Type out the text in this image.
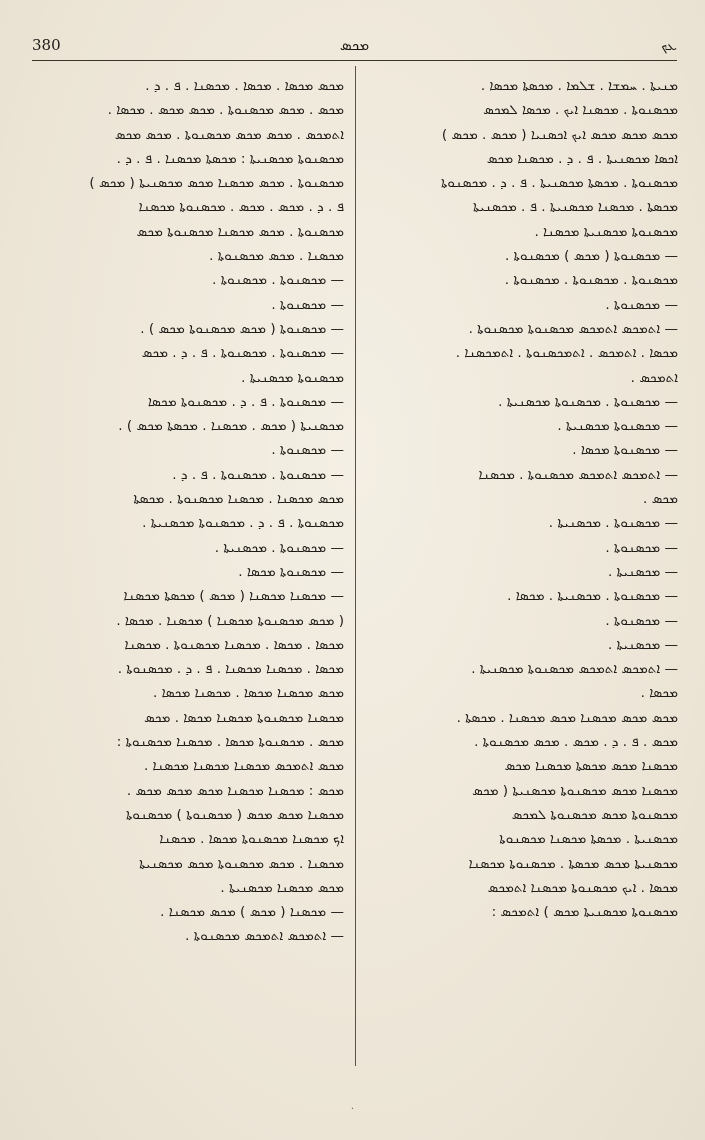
380	ܡܟܣ	ܥܟ
ܡܢܝܬܐ . ܚܡܫܐ . ܫܠܡܐ . ܡܟܣܬܐ ܡܟܣܐ .
ܡܟܣܢܘܬܐ . ܡܟܣܢܐ ܐܝܟ . ܡܟܣܐ ܠܡܟܣ
ܡܟܣ ܡܟܣ ܡܟܣ ܐܝܟ ܐܟܣܢܝܐ ( ܡܟܣ . ܡܟܣ )
ܐܟܣܐ ܡܟܣܢܝܬܐ . ܦ . ܕ . ܡܟܣܢܐ ܡܟܣ
ܡܟܣܢܘܬܐ . ܡܟܣܬܐ ܡܟܣܢܝܬܐ . ܦ . ܕ . ܡܟܣܢܘܬܐ
ܡܟܣܬܐ . ܡܟܣܢܐ ܡܟܣܢܝܬܐ . ܦ . ܡܟܣܢܝܬܐ
ܡܟܣܢܘܬܐ ܡܟܣܢܝܬܐ ܡܟܣܢܐ .
— ܡܟܣܢܘܬܐ ( ܡܟܣ ) ܡܟܣܢܘܬܐ .
ܡܟܣܢܘܬܐ . ܡܟܣܢܘܬܐ . ܡܟܣܢܘܬܐ .
— ܡܟܣܢܘܬܐ .
— ܐܬܡܟܣ ܐܬܡܟܣ ܡܟܣܢܘܬܐ ܡܟܣܢܘܬܐ .
ܡܟܣܐ . ܐܬܡܟܣ . ܐܬܡܟܣܢܘܬܐ . ܐܬܡܟܣܢܐ .
ܐܬܡܟܣ .
— ܡܟܣܢܘܬܐ . ܡܟܣܢܘܬܐ ܡܟܣܢܝܬܐ .
— ܡܟܣܢܘܬܐ ܡܟܣܢܝܬܐ .
— ܡܟܣܢܘܬܐ ܡܟܣܐ .
— ܐܬܡܟܣ ܐܬܡܟܣ ܡܟܣܢܘܬܐ . ܡܟܣܢܐ
ܡܟܣ .
— ܡܟܣܢܘܬܐ . ܡܟܣܢܝܬܐ .
— ܡܟܣܢܘܬܐ .
— ܡܟܣܢܝܬܐ .
— ܡܟܣܢܘܬܐ . ܡܟܣܢܝܬܐ . ܡܟܣܐ .
— ܡܟܣܢܘܬܐ .
— ܡܟܣܢܝܬܐ .
— ܐܬܡܟܣ ܐܬܡܟܣ ܡܟܣܢܘܬܐ ܡܟܣܢܝܬܐ .
ܡܟܣܐ .
ܡܟܣ ܡܟܣ ܡܟܣܢܐ ܡܟܣ ܡܟܣܢܐ . ܡܟܣܬܐ .
ܡܟܣ . ܦ . ܕ . ܡܟܣ . ܡܟܣ ܡܟܣܢܘܬܐ .
ܡܟܣܢܐ ܡܟܣ ܡܟܣܬܐ ܡܟܣܢܐ ܡܟܣ
ܡܟܣܢܐ ܡܟܣ ܡܟܣܢܘܬܐ ܡܟܣܢܝܬܐ ( ܡܟܣ
ܡܟܣܢܘܬܐ ܡܟܣ ܡܟܣܢܘܬܐ ܠܡܟܣ
ܡܟܣܢܝܬܐ . ܡܟܣܬܐ ܡܟܣܢܐ ܡܟܣܢܘܬܐ
ܡܟܣܢܝܬܐ ܡܟܣ ܡܟܣܬܐ . ܡܟܣܢܘܬܐ ܡܟܣܢܐ
ܡܟܣܐ . ܐܝܟ ܡܟܣܢܘܬܐ ܡܟܣܢܐ ܐܬܡܟܣ
ܡܟܣܢܘܬܐ ܡܟܣܢܝܬܐ ܡܟܣ ) ܐܬܡܟܣ :
ܡܟܣ ܡܟܣܐ . ܡܟܣܐ . ܡܟܣܢܐ . ܦ . ܕ .
ܡܟܣ . ܡܟܣ ܡܟܣܢܘܬܐ . ܡܟܣ ܡܟܣ . ܡܟܣܐ .
ܐܬܡܟܣ . ܡܟܣ ܡܟܣ ܡܟܣܢܘܬܐ . ܡܟܣ ܡܟܣ
ܡܟܣܢܘܬܐ ܡܟܣܢܝܬܐ : ܡܟܣܬܐ ܡܟܣܢܐ . ܦ . ܕ .
ܡܟܣܢܘܬܐ . ܡܟܣ ܡܟܣܢܐ ܡܟܣ ܡܟܣܢܝܬܐ ( ܡܟܣ )
ܦ . ܕ . ܡܟܣ . ܡܟܣ . ܡܟܣܢܘܬܐ ܡܟܣܢܐ
ܡܟܣܢܘܬܐ . ܡܟܣ ܡܟܣܢܐ ܡܟܣܢܘܬܐ ܡܟܣ
ܡܟܣܢܐ . ܡܟܣ ܡܟܣܢܘܬܐ .
— ܡܟܣܢܘܬܐ . ܡܟܣܢܘܬܐ .
— ܡܟܣܢܘܬܐ .
— ܡܟܣܢܘܬܐ ( ܡܟܣ ܡܟܣܢܘܬܐ ܡܟܣ ) .
— ܡܟܣܢܘܬܐ . ܡܟܣܢܘܬܐ . ܦ . ܕ . ܡܟܣ
ܡܟܣܢܘܬܐ ܡܟܣܢܝܬܐ .
— ܡܟܣܢܘܬܐ . ܦ . ܕ . ܡܟܣܢܘܬܐ ܡܟܣܐ
ܡܟܣܢܝܬܐ ( ܡܟܣ . ܡܟܣܢܐ . ܡܟܣܬܐ ܡܟܣ ) .
— ܡܟܣܢܘܬܐ .
— ܡܟܣܢܘܬܐ . ܡܟܣܢܘܬܐ . ܦ . ܕ .
ܡܟܣ ܡܟܣܢܐ . ܡܟܣܢܐ ܡܟܣܢܘܬܐ . ܡܟܣܬܐ
ܡܟܣܢܘܬܐ . ܦ . ܕ . ܡܟܣܢܘܬܐ ܡܟܣܢܝܬܐ .
— ܡܟܣܢܘܬܐ . ܡܟܣܢܝܬܐ .
— ܡܟܣܢܘܬܐ ܡܟܣܐ .
— ܡܟܣܢܐ ܡܟܣܢܐ ( ܡܟܣ ) ܡܟܣܬܐ ܡܟܣܢܐ
( ܡܟܣ ܡܟܣܢܘܬܐ ܡܟܣܢܐ ) ܡܟܣܢܐ . ܡܟܣܐ .
ܡܟܣܐ . ܡܟܣܐ . ܡܟܣܢܐ ܡܟܣܢܘܬܐ . ܡܟܣܢܐ
ܡܟܣܐ . ܡܟܣܢܐ ܡܟܣܢܐ . ܦ . ܕ . ܡܟܣܢܘܬܐ .
ܡܟܣ ܡܟܣܢܐ ܡܟܣܐ . ܡܟܣܢܐ ܡܟܣܐ .
ܡܟܣܢܐ ܡܟܣܢܘܬܐ ܡܟܣܢܐ ܡܟܣܐ . ܡܟܣ
ܡܟܣ . ܡܟܣܢܘܬܐ ܡܟܣܐ . ܡܟܣܢܐ ܡܟܣܢܘܬܐ :
ܡܟܣ ܐܬܡܟܣ ܡܟܣܢܐ ܡܟܣܢܐ ܡܟܣܢܐ .
ܡܟܣ : ܡܟܣܢܐ ܡܟܣܢܐ ܡܟܣ ܡܟܣ ܡܟܣ .
ܡܟܣܢܐ ܡܟܣ ܡܟܣ ( ܡܟܣܢܘܬܐ ) ܡܟܣܢܘܬܐ
ܐܟ ܡܟܣܢܐ ܡܟܣܢܘܬܐ ܡܟܣܐ . ܡܟܣܢܐ
ܡܟܣܢܐ . ܡܟܣ ܡܟܣܢܘܬܐ ܡܟܣ ܡܟܣܢܝܬܐ
ܡܟܣ ܡܟܣܢܐ ܡܟܣܢܝܬܐ .
— ܡܟܣܢܐ ( ܡܟܣ ) ܡܟܣ ܡܟܣܢܐ .
— ܐܬܡܟܣ ܐܬܡܟܣ ܡܟܣܢܘܬܐ .
·
